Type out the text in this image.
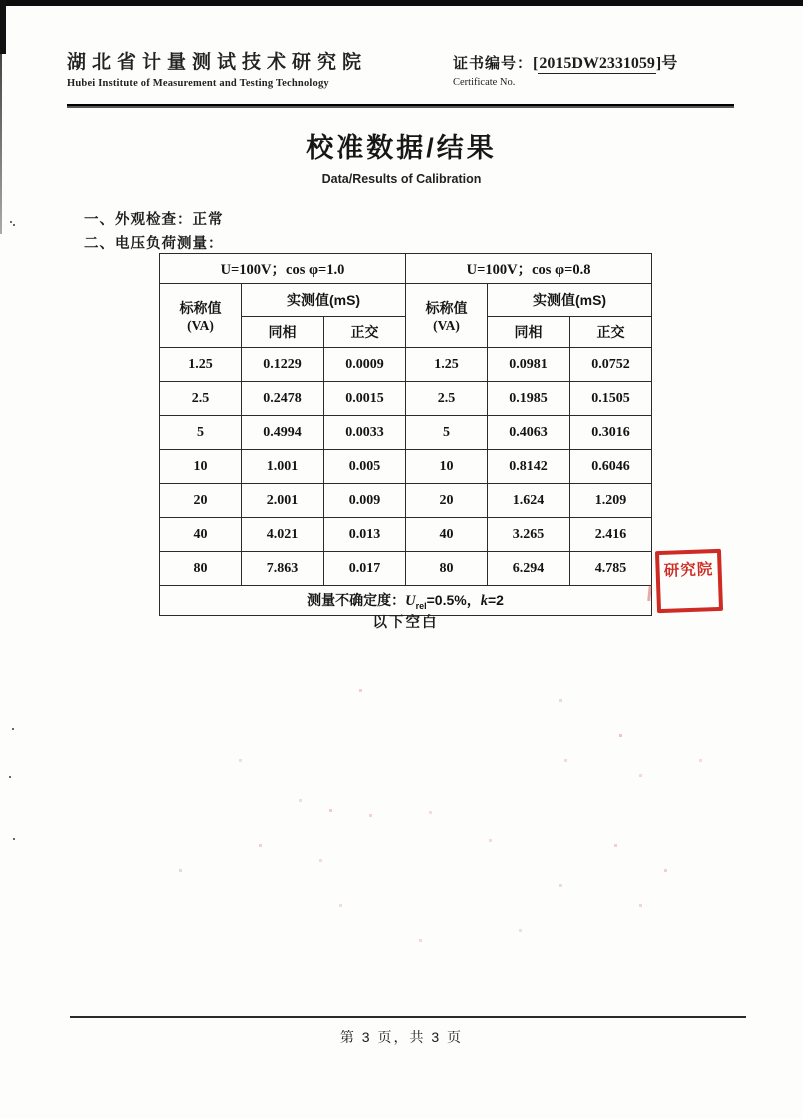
湖北省计量测试技术研究院
Hubei Institute of Measurement and Testing Technology
证书编号：[2015DW2331059]号
Certificate No.
校准数据/结果
Data/Results of Calibration
一、外观检查：正常
二、电压负荷测量：
U=100V；cos φ=1.0			U=100V；cos φ=0.8		

标称值
(VA)
	实测值(mS)	标称值
(VA)
	实测值(mS)
	同相	正交		同相	正交
1.25	0.1229	0.0009	1.25	0.0981	0.0752
2.5	0.2478	0.0015	2.5	0.1985	0.1505
5	0.4994	0.0033	5	0.4063	0.3016
10	1.001	0.005	10	0.8142	0.6046
20	2.001	0.009	20	1.624	1.209
40	4.021	0.013	40	3.265	2.416
80	7.863	0.017	80	6.294	4.785
测量不确定度：$U_{rel}=0.5\%$，k=2					
以下空白
研究院
第 3 页，共 3 页
